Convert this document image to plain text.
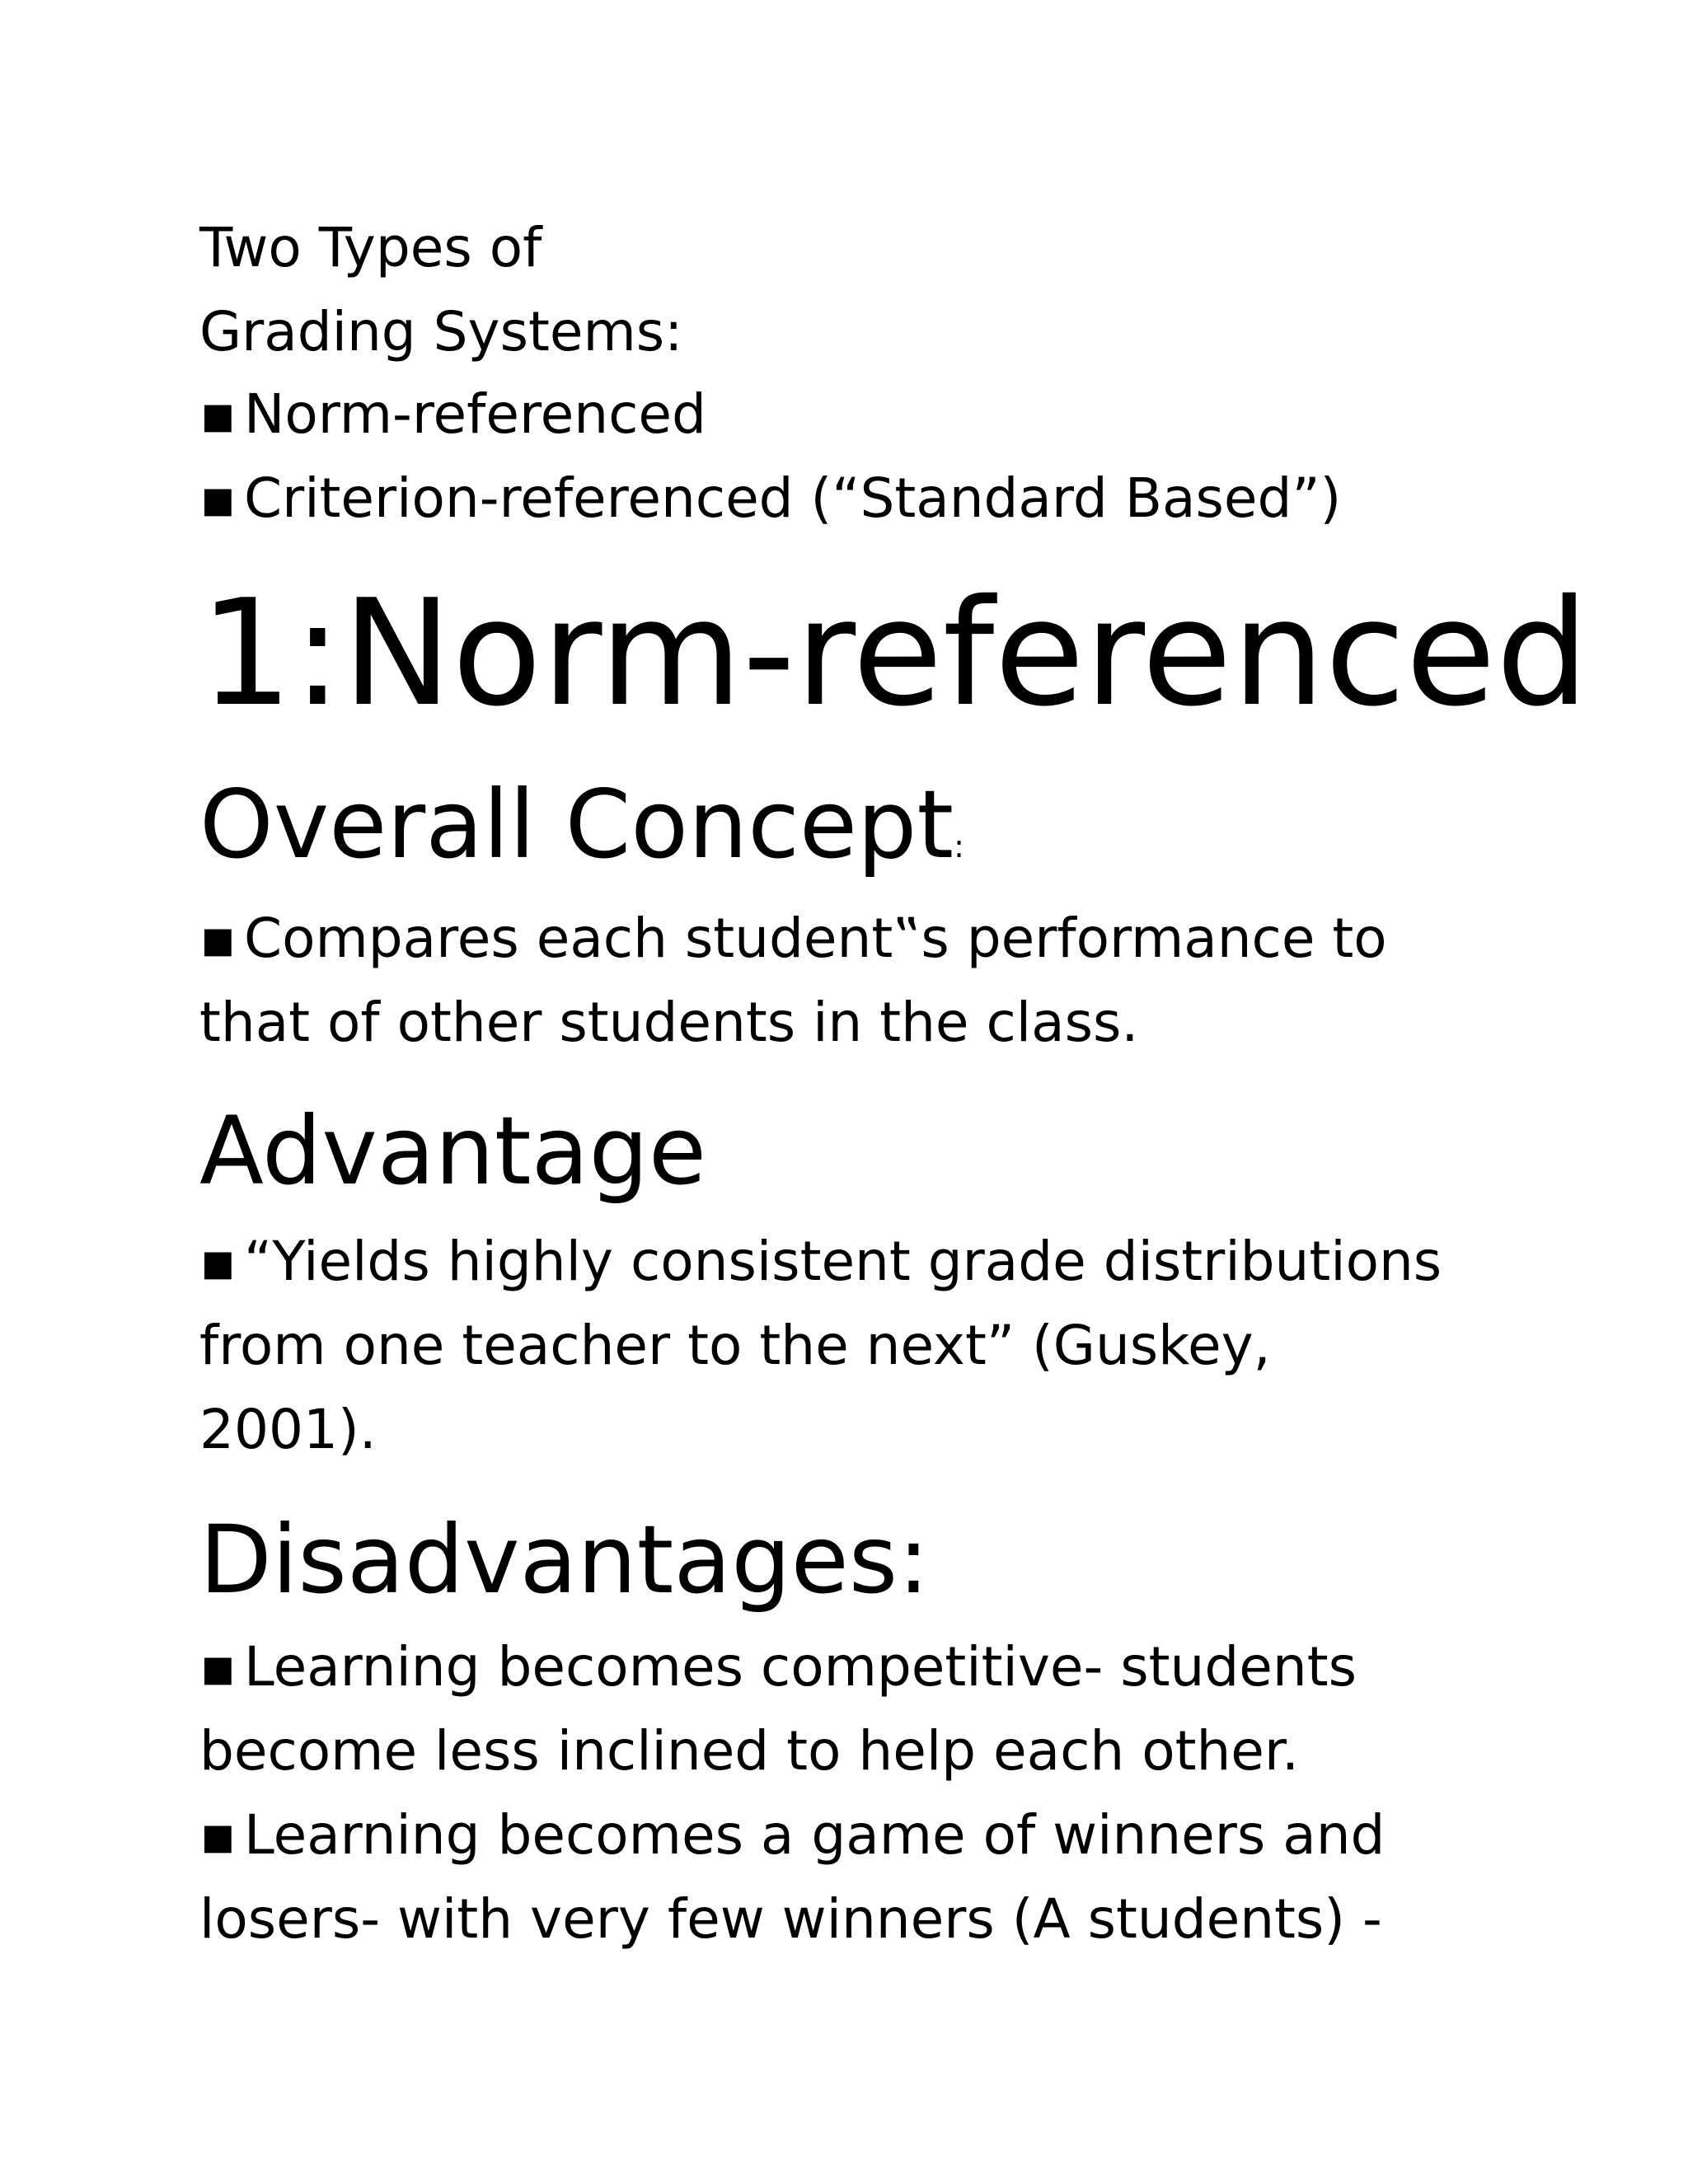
Two Types of

Grading Systems:

▪ Norm-referenced

▪ Criterion-referenced (“Standard Based”)

1:Norm-referenced
Overall Concept:

▪ Compares each student‟s performance to

that of other students in the class.

Advantage

▪ “Yields highly consistent grade distributions

from one teacher to the next” (Guskey,

2001).

Disadvantages:

▪ Learning becomes competitive- students

become less inclined to help each other.

▪ Learning becomes a game of winners and

losers- with very few winners (A students) -
